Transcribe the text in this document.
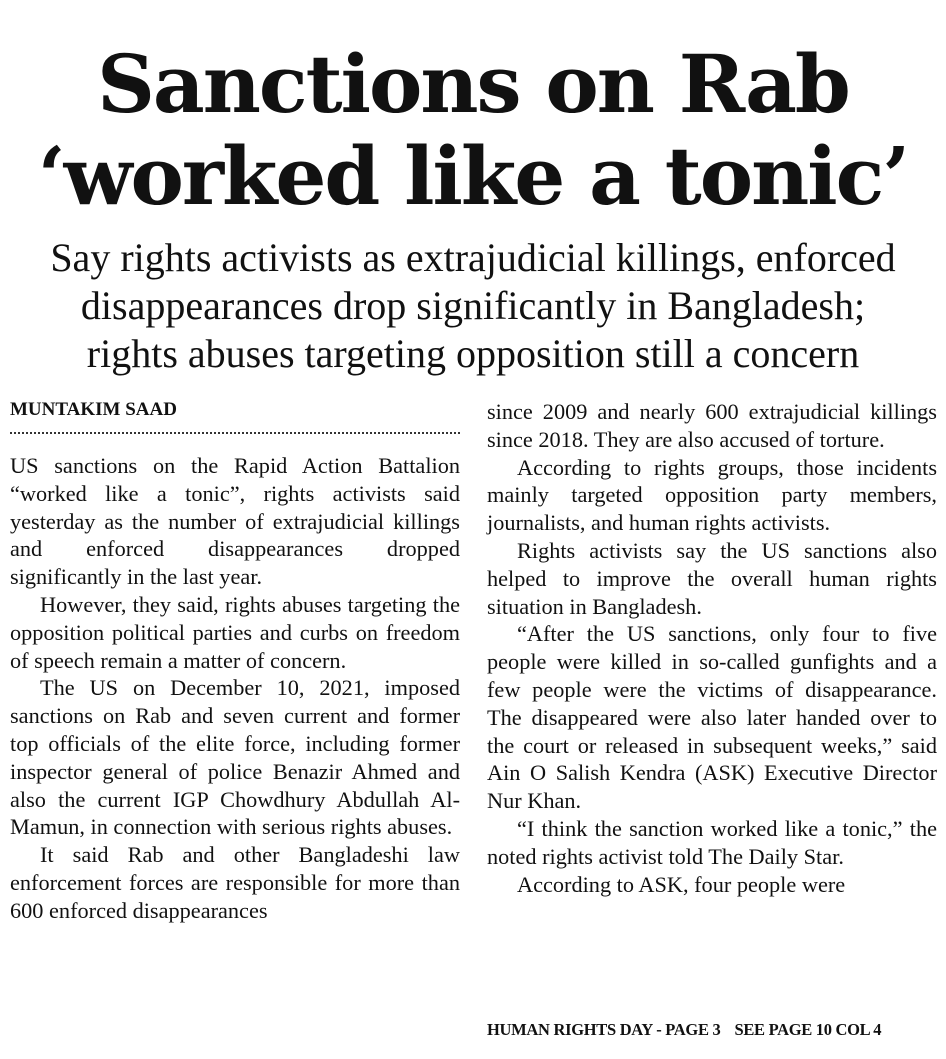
Sanctions on Rab
‘worked like a tonic’
Say rights activists as extrajudicial killings, enforced
disappearances drop significantly in Bangladesh;
rights abuses targeting opposition still a concern
MUNTAKIM SAAD

US sanctions on the Rapid Action Battalion “worked like a tonic”, rights activists said yesterday as the number of extrajudicial killings and enforced disappearances dropped significantly in the last year.

However, they said, rights abuses targeting the opposition political parties and curbs on freedom of speech remain a matter of concern.

The US on December 10, 2021, imposed sanctions on Rab and seven current and former top officials of the elite force, including former inspector general of police Benazir Ahmed and also the current IGP Chowdhury Abdullah Al-Mamun, in connection with serious rights abuses.

It said Rab and other Bangladeshi law enforcement forces are responsible for more than 600 enforced disappearances

since 2009 and nearly 600 extrajudicial killings since 2018. They are also accused of torture.

According to rights groups, those incidents mainly targeted opposition party members, journalists, and human rights activists.

Rights activists say the US sanctions also helped to improve the overall human rights situation in Bangladesh.

“After the US sanctions, only four to five people were killed in so-called gunfights and a few people were the victims of disappearance. The disappeared were also later handed over to the court or released in subsequent weeks,” said Ain O Salish Kendra (ASK) Executive Director Nur Khan.

“I think the sanction worked like a tonic,” the noted rights activist told The Daily Star.

According to ASK, four people were

HUMAN RIGHTS DAY - PAGE 3 SEE PAGE 10 COL 4
